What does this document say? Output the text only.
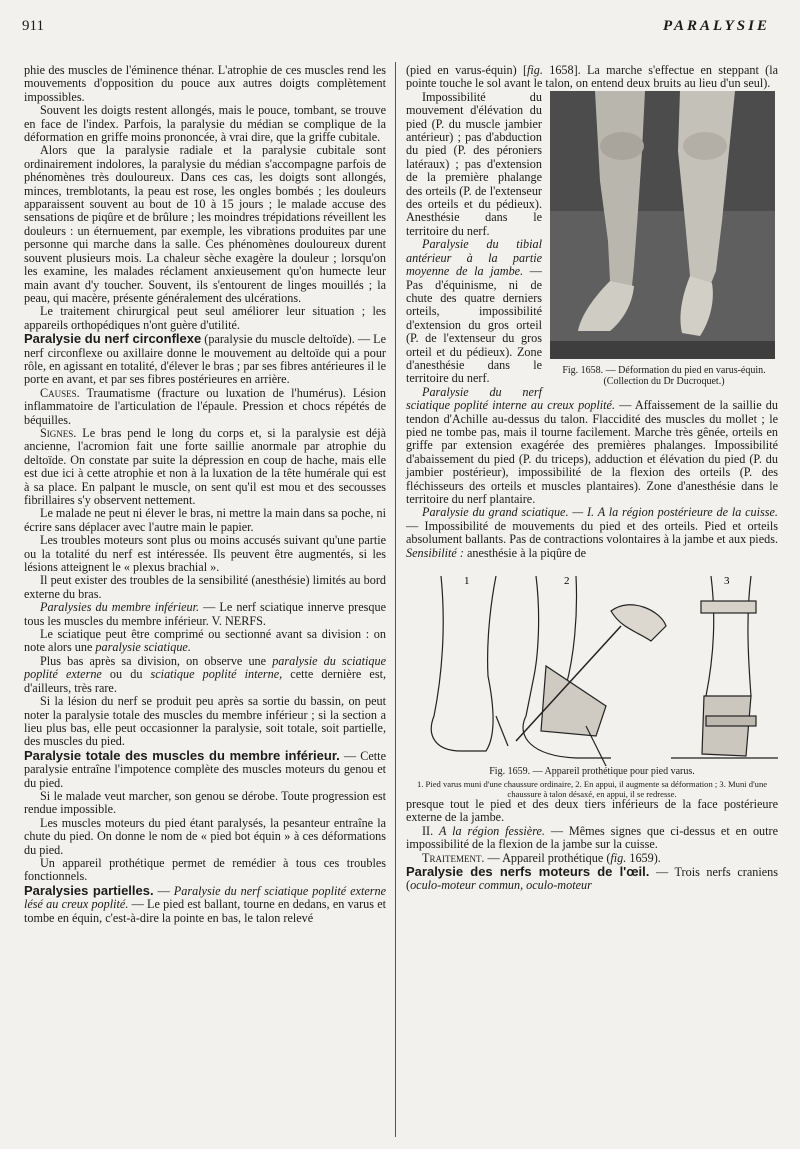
911	PARALYSIE

phie des muscles de l'éminence thénar. L'atrophie de ces muscles rend les mouvements d'opposition du pouce aux autres doigts complètement impossibles.

Souvent les doigts restent allongés, mais le pouce, tombant, se trouve en face de l'index. Parfois, la paralysie du médian se complique de la déformation en griffe moins prononcée, à vrai dire, que la griffe cubitale.

Alors que la paralysie radiale et la paralysie cubitale sont ordinairement indolores, la paralysie du médian s'accompagne parfois de phénomènes très douloureux. Dans ces cas, les doigts sont allongés, minces, tremblotants, la peau est rose, les ongles bombés ; les douleurs apparaissent souvent au bout de 10 à 15 jours ; le malade accuse des sensations de piqûre et de brûlure ; les moindres trépidations réveillent les douleurs : un éternuement, par exemple, les vibrations produites par une personne qui marche dans la salle. Ces phénomènes douloureux durent souvent plusieurs mois. La chaleur sèche exagère la douleur ; lorsqu'on les examine, les malades réclament anxieusement qu'on humecte leur main avant d'y toucher. Souvent, ils s'entourent de linges mouillés ; la peau, qui macère, présente généralement des ulcérations.

Le traitement chirurgical peut seul améliorer leur situation ; les appareils orthopédiques n'ont guère d'utilité.

Paralysie du nerf circonflexe (paralysie du muscle deltoïde). — Le nerf circonflexe ou axillaire donne le mouvement au deltoïde qui a pour rôle, en agissant en totalité, d'élever le bras ; par ses fibres antérieures il le porte en avant, et par ses fibres postérieures en arrière.

Causes. Traumatisme (fracture ou luxation de l'humérus). Lésion inflammatoire de l'articulation de l'épaule. Pression et chocs répétés de béquilles.

Signes. Le bras pend le long du corps et, si la paralysie est déjà ancienne, l'acromion fait une forte saillie anormale par atrophie du deltoïde. On constate par suite la dépression en coup de hache, mais elle est due ici à cette atrophie et non à la luxation de la tête humérale qui est à sa place. En palpant le muscle, on sent qu'il est mou et des secousses fibrillaires s'y observent nettement.

Le malade ne peut ni élever le bras, ni mettre la main dans sa poche, ni écrire sans déplacer avec l'autre main le papier.

Les troubles moteurs sont plus ou moins accusés suivant qu'une partie ou la totalité du nerf est intéressée. Ils peuvent être augmentés, si les lésions atteignent le « plexus brachial ».

Il peut exister des troubles de la sensibilité (anesthésie) limités au bord externe du bras.

Paralysies du membre inférieur. — Le nerf sciatique innerve presque tous les muscles du membre inférieur. V. NERFS.

Le sciatique peut être comprimé ou sectionné avant sa division : on note alors une paralysie sciatique.

Plus bas après sa division, on observe une paralysie du sciatique poplité externe ou du sciatique poplité interne, cette dernière est, d'ailleurs, très rare.

Si la lésion du nerf se produit peu après sa sortie du bassin, on peut noter la paralysie totale des muscles du membre inférieur ; si la section a lieu plus bas, elle peut occasionner la paralysie, soit totale, soit partielle, des muscles du pied.

Paralysie totale des muscles du membre inférieur. — Cette paralysie entraîne l'impotence complète des muscles moteurs du genou et du pied.

Si le malade veut marcher, son genou se dérobe. Toute progression est rendue impossible.

Les muscles moteurs du pied étant paralysés, la pesanteur entraîne la chute du pied. On donne le nom de « pied bot équin » à ces déformations du pied.

Un appareil prothétique permet de remédier à tous ces troubles fonctionnels.

Paralysies partielles. — Paralysie du nerf sciatique poplité externe lésé au creux poplité. — Le pied est ballant, tourne en dedans, en varus et tombe en équin, c'est-à-dire la pointe en bas, le talon relevé

(pied en varus-équin) [fig. 1658]. La marche s'effectue en steppant (la pointe touche le sol avant le talon, on entend deux bruits au lieu d'un seul).

Fig. 1658. — Déformation du pied en varus-équin.
(Collection du Dr Ducroquet.)

Impossibilité du mouvement d'élévation du pied (P. du muscle jambier antérieur) ; pas d'abduction du pied (P. des péroniers latéraux) ; pas d'extension de la première phalange des orteils (P. de l'extenseur des orteils et du pédieux). Anesthésie dans le territoire du nerf.

Paralysie du tibial antérieur à la partie moyenne de la jambe. — Pas d'équinisme, ni de chute des quatre derniers orteils, impossibilité d'extension du gros orteil (P. de l'extenseur du gros orteil et du pédieux). Zone d'anesthésie dans le territoire du nerf.

Paralysie du nerf sciatique poplité interne au creux poplité. — Affaissement de la saillie du tendon d'Achille au-dessus du talon. Flaccidité des muscles du mollet ; le pied ne tombe pas, mais il tourne facilement. Marche très gênée, orteils en griffe par extension exagérée des premières phalanges. Impossibilité d'abaissement du pied (P. du triceps), adduction et élévation du pied (P. du jambier postérieur), impossibilité de la flexion des orteils (P. des fléchisseurs des orteils et muscles plantaires). Zone d'anesthésie dans le territoire du nerf plantaire.

Paralysie du grand sciatique. — I. A la région postérieure de la cuisse. — Impossibilité de mouvements du pied et des orteils. Pied et orteils absolument ballants. Pas de contractions volontaires à la jambe et aux pieds. Sensibilité : anesthésie à la piqûre de

1	2	3
Fig. 1659. — Appareil prothétique pour pied varus.
1. Pied varus muni d'une chaussure ordinaire, 2. En appui, il augmente sa déformation ; 3. Muni d'une chaussure à talon désaxé, en appui, il se redresse.

presque tout le pied et des deux tiers inférieurs de la face postérieure externe de la jambe.

II. A la région fessière. — Mêmes signes que ci-dessus et en outre impossibilité de la flexion de la jambe sur la cuisse.

Traitement. — Appareil prothétique (fig. 1659).

Paralysie des nerfs moteurs de l'œil. — Trois nerfs craniens (oculo-moteur commun, oculo-moteur
